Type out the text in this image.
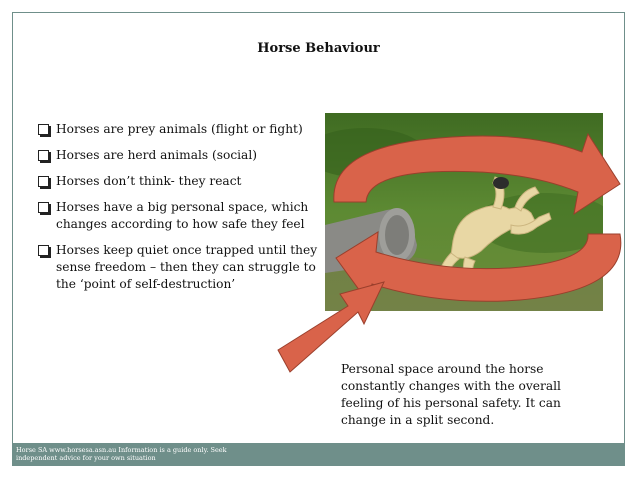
Horse Behaviour
Horses are prey animals (flight or fight)
Horses are herd animals (social)
Horses don’t think- they react
Horses have a big personal space, which changes according to how safe they feel
Horses keep quiet once trapped until they sense freedom – then they can struggle to the ‘point of self-destruction’
Personal space around the horse constantly changes with the overall feeling of his personal safety. It can change in a split second.
Horse SA www.horsesa.asn.au Information is a guide only. Seek independent advice for your own situation
